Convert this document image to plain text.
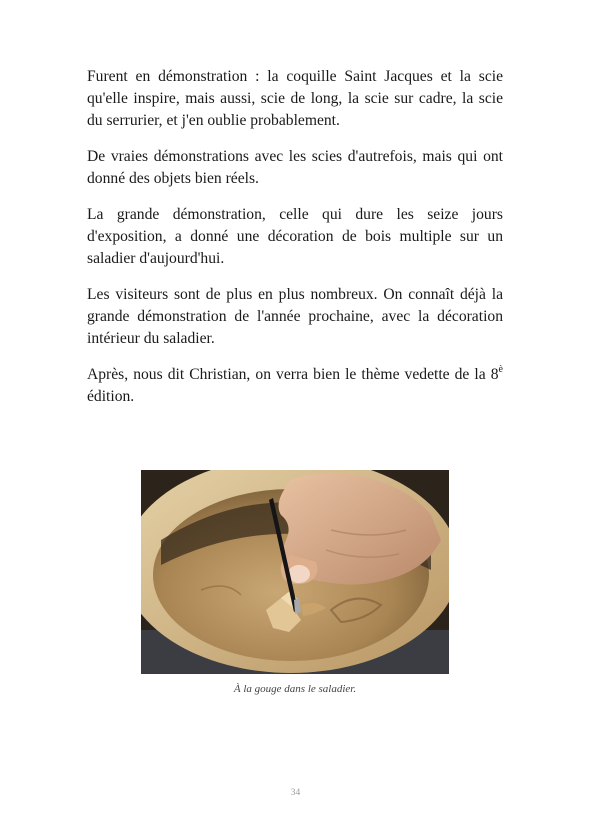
Furent en démonstration : la coquille Saint Jacques et la scie qu'elle inspire, mais aussi, scie de long, la scie sur cadre, la scie du serrurier, et j'en oublie probablement.

De vraies démonstrations avec les scies d'autrefois, mais qui ont donné des objets bien réels.

La grande démonstration, celle qui dure les seize jours d'exposition, a donné une décoration de bois multiple sur un saladier d'aujourd'hui.

Les visiteurs sont de plus en plus nombreux. On connaît déjà la grande démonstration de l'année prochaine, avec la décoration intérieur du saladier.

Après, nous dit Christian, on verra bien le thème vedette de la $8^è$ édition.

À la gouge dans le saladier.
34
